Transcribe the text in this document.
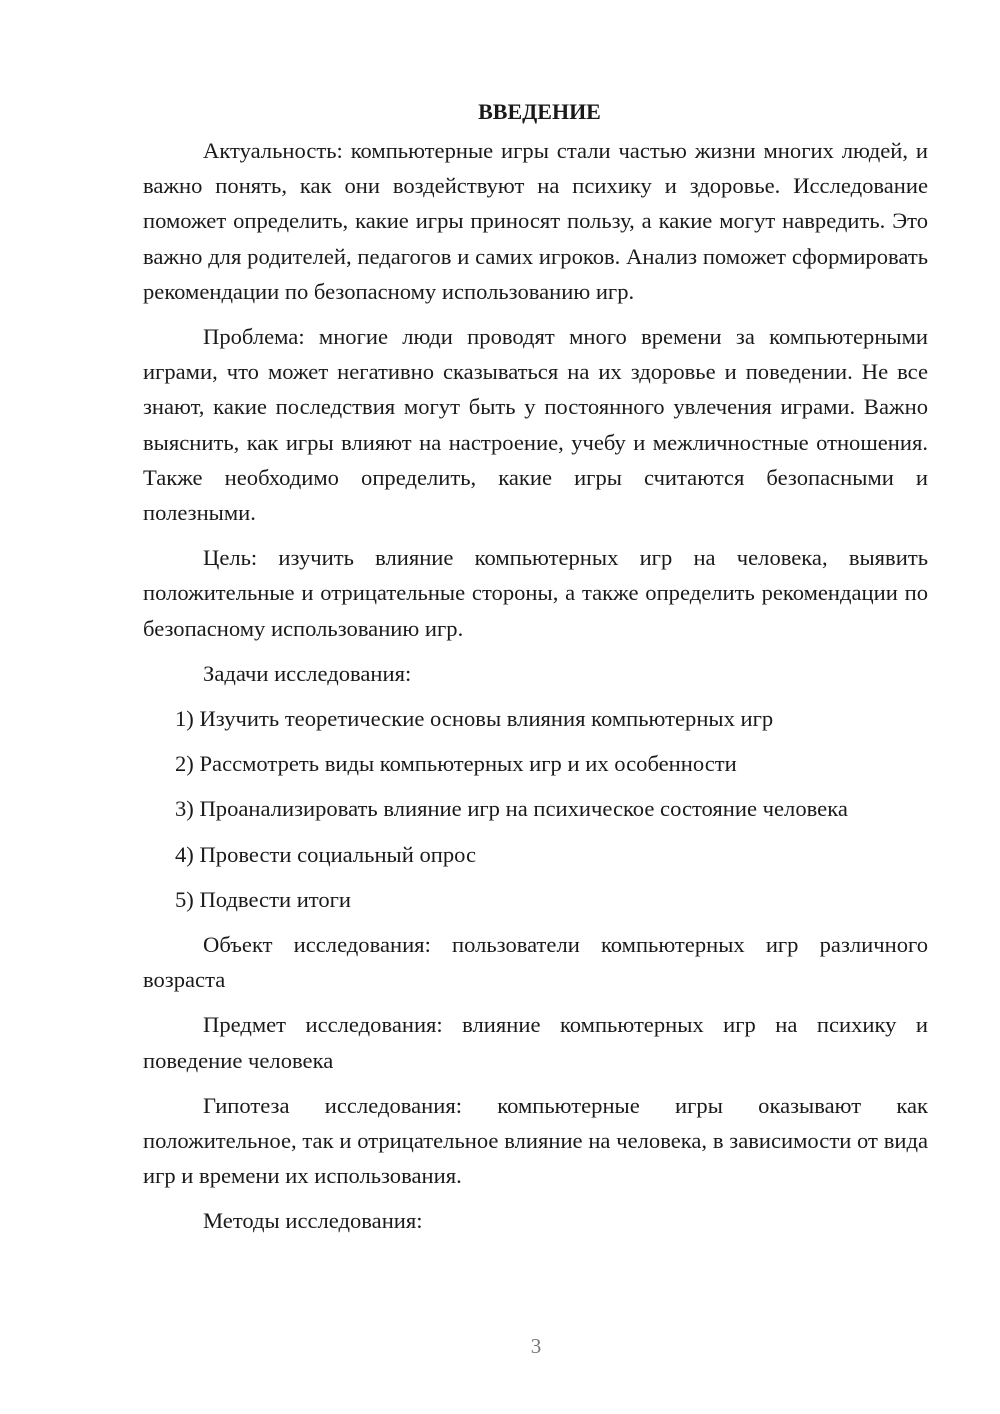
ВВЕДЕНИЕ

Актуальность: компьютерные игры стали частью жизни многих людей, и важно понять, как они воздействуют на психику и здоровье. Исследование поможет определить, какие игры приносят пользу, а какие могут навредить. Это важно для родителей, педагогов и самих игроков. Анализ поможет сформировать рекомендации по безопасному использованию игр.

Проблема: многие люди проводят много времени за компьютерными играми, что может негативно сказываться на их здоровье и поведении. Не все знают, какие последствия могут быть у постоянного увлечения играми. Важно выяснить, как игры влияют на настроение, учебу и межличностные отношения. Также необходимо определить, какие игры считаются безопасными и полезными.

Цель: изучить влияние компьютерных игр на человека, выявить положительные и отрицательные стороны, а также определить рекомендации по безопасному использованию игр.

Задачи исследования:

1) Изучить теоретические основы влияния компьютерных игр
2) Рассмотреть виды компьютерных игр и их особенности
3) Проанализировать влияние игр на психическое состояние человека
4) Провести социальный опрос
5) Подвести итоги

Объект исследования: пользователи компьютерных игр различного возраста

Предмет исследования: влияние компьютерных игр на психику и поведение человека

Гипотеза исследования: компьютерные игры оказывают как положительное, так и отрицательное влияние на человека, в зависимости от вида игр и времени их использования.

Методы исследования:

3
